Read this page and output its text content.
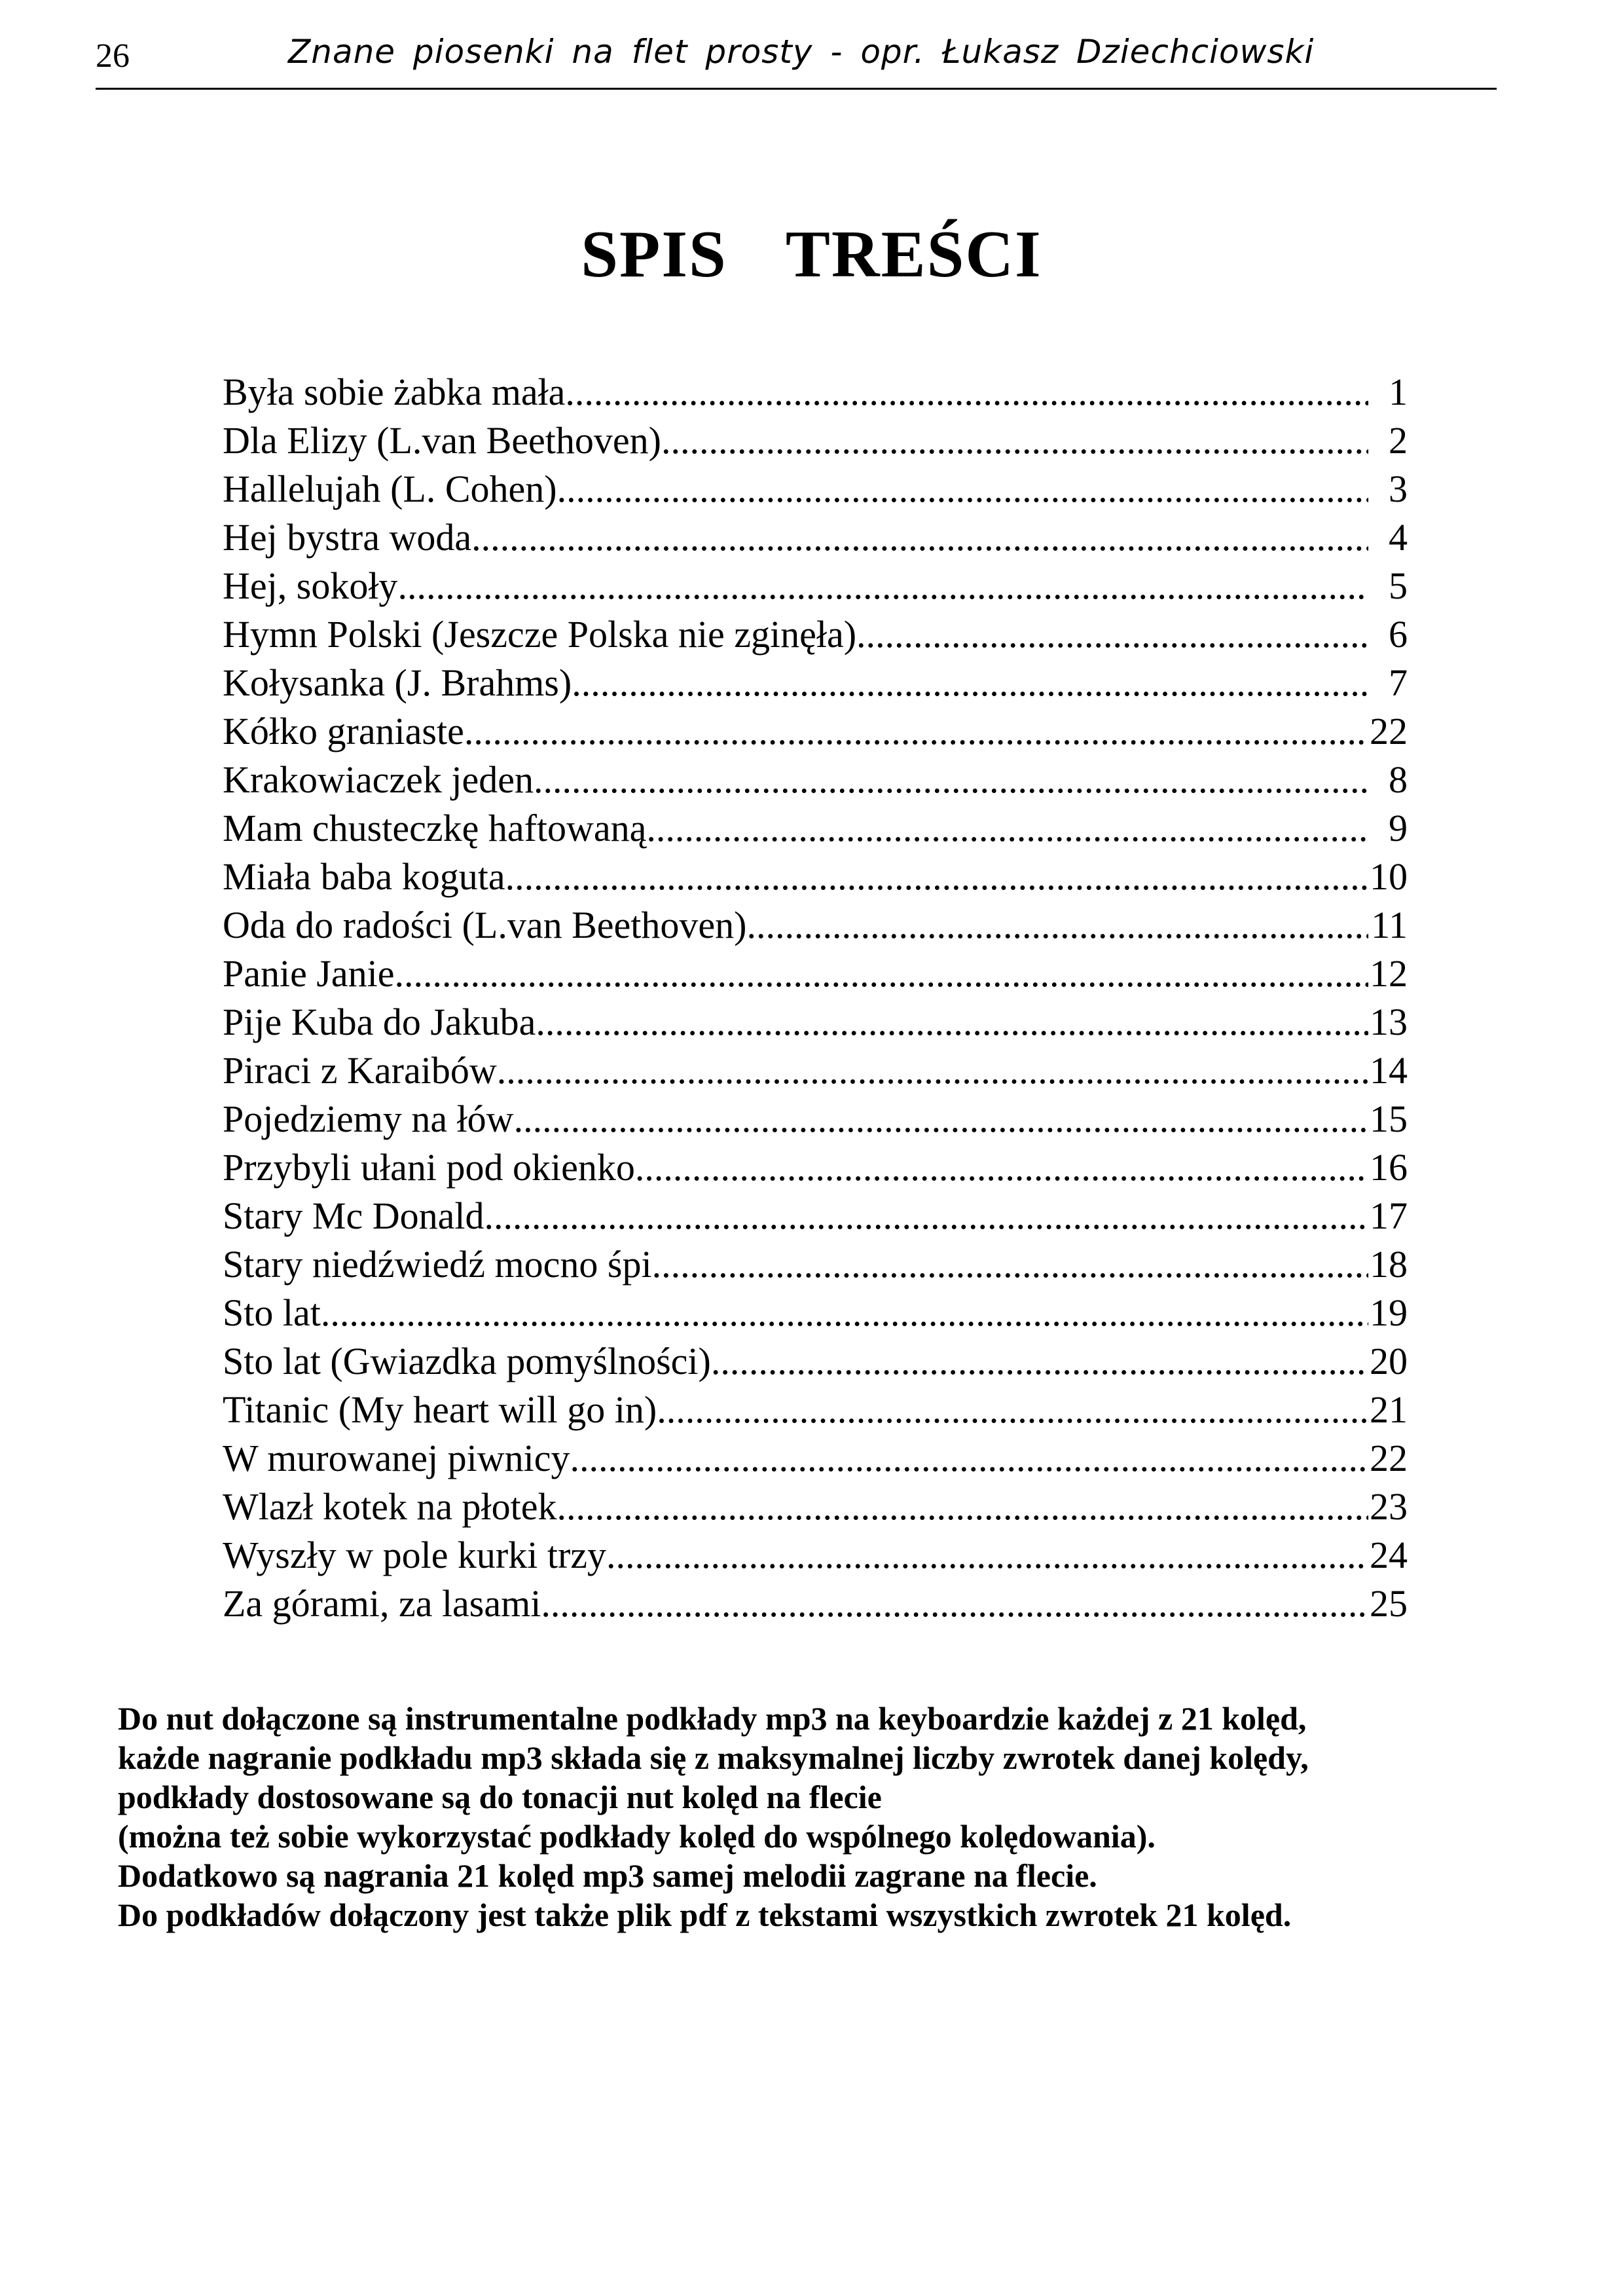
26	Znane piosenki na flet prosty - opr. Łukasz Dziechciowski
SPIS  TREŚCI
Była sobie żabka mała .....	1
Dla Elizy (L.van Beethoven) .....	2
Hallelujah (L. Cohen) .....	3
Hej bystra woda .....	4
Hej, sokoły .....	5
Hymn Polski (Jeszcze Polska nie zginęła) .....	6
Kołysanka (J. Brahms) .....	7
Kółko graniaste .....	22
Krakowiaczek jeden .....	8
Mam chusteczkę haftowaną .....	9
Miała baba koguta .....	10
Oda do radości (L.van Beethoven) .....	11
Panie Janie .....	12
Pije Kuba do Jakuba .....	13
Piraci z Karaibów .....	14
Pojedziemy na łów .....	15
Przybyli ułani pod okienko .....	16
Stary Mc Donald .....	17
Stary niedźwiedź mocno śpi .....	18
Sto lat .....	19
Sto lat (Gwiazdka pomyślności) .....	20
Titanic (My heart will go in) .....	21
W murowanej piwnicy .....	22
Wlazł kotek na płotek .....	23
Wyszły w pole kurki trzy .....	24
Za górami, za lasami .....	25
Do nut dołączone są instrumentalne podkłady mp3 na keyboardzie każdej z 21 kolęd,
każde nagranie podkładu mp3 składa się z maksymalnej liczby zwrotek danej kolędy,
podkłady dostosowane są do tonacji nut kolęd na flecie
(można też sobie wykorzystać podkłady kolęd do wspólnego kolędowania).
Dodatkowo są nagrania 21 kolęd mp3 samej melodii zagrane na flecie.
Do podkładów dołączony jest także plik pdf z tekstami wszystkich zwrotek 21 kolęd.
